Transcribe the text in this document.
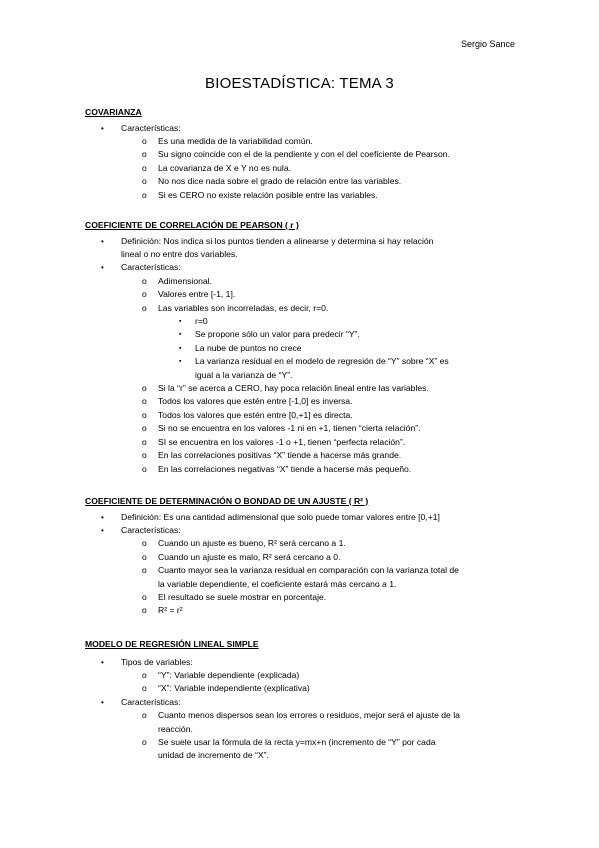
Sergio Sance
BIOESTADÍSTICA: TEMA 3
COVARIANZA
• Características:
o Es una medida de la variabilidad común.
o Su signo coincide con el de la pendiente y con el del coeficiente de Pearson.
o La covarianza de X e Y no es nula.
o No nos dice nada sobre el grado de relación entre las variables.
o Si es CERO no existe relación posible entre las variables.
COEFICIENTE DE CORRELACIÓN DE PEARSON ( r )
• Definición: Nos indica si los puntos tienden a alinearse y determina si hay relación
lineal o no entre dos variables.
• Características:
o Adimensional.
o Valores entre [-1, 1].
o Las variables son incorreladas, es decir, r=0.
▪ r=0
▪ Se propone sólo un valor para predecir “Y”.
▪ La nube de puntos no crece
▪ La varianza residual en el modelo de regresión de “Y” sobre “X” es
igual a la varianza de “Y”.
o Si la “r” se acerca a CERO, hay poca relación lineal entre las variables.
o Todos los valores que estén entre [-1,0] es inversa.
o Todos los valores que estén entre [0,+1] es directa.
o Si no se encuentra en los valores -1 ni en +1, tienen “cierta relación”.
o SI se encuentra en los valores -1 o +1, tienen “perfecta relación”.
o En las correlaciones positivas “X” tiende a hacerse más grande.
o En las correlaciones negativas “X” tiende a hacerse más pequeño.
COEFICIENTE DE DETERMINACIÓN O BONDAD DE UN AJUSTE ( R² )
• Definición: Es una cantidad adimensional que solo puede tomar valores entre [0,+1]
• Características:
o Cuando un ajuste es bueno, R² será cercano a 1.
o Cuando un ajuste es malo, R² será cercano a 0.
o Cuanto mayor sea la varianza residual en comparación con la varianza total de
la variable dependiente, el coeficiente estará más cercano a 1.
o El resultado se suele mostrar en porcentaje.
o R² = r²
MODELO DE REGRESIÓN LINEAL SIMPLE
• Tipos de variables:
o “Y”: Variable dependiente (explicada)
o “X”: Variable independiente (explicativa)
• Características:
o Cuanto menos dispersos sean los errores o residuos, mejor será el ajuste de la
reacción.
o Se suele usar la fórmula de la recta y=mx+n (incremento de “Y” por cada
unidad de incremento de “X”.
